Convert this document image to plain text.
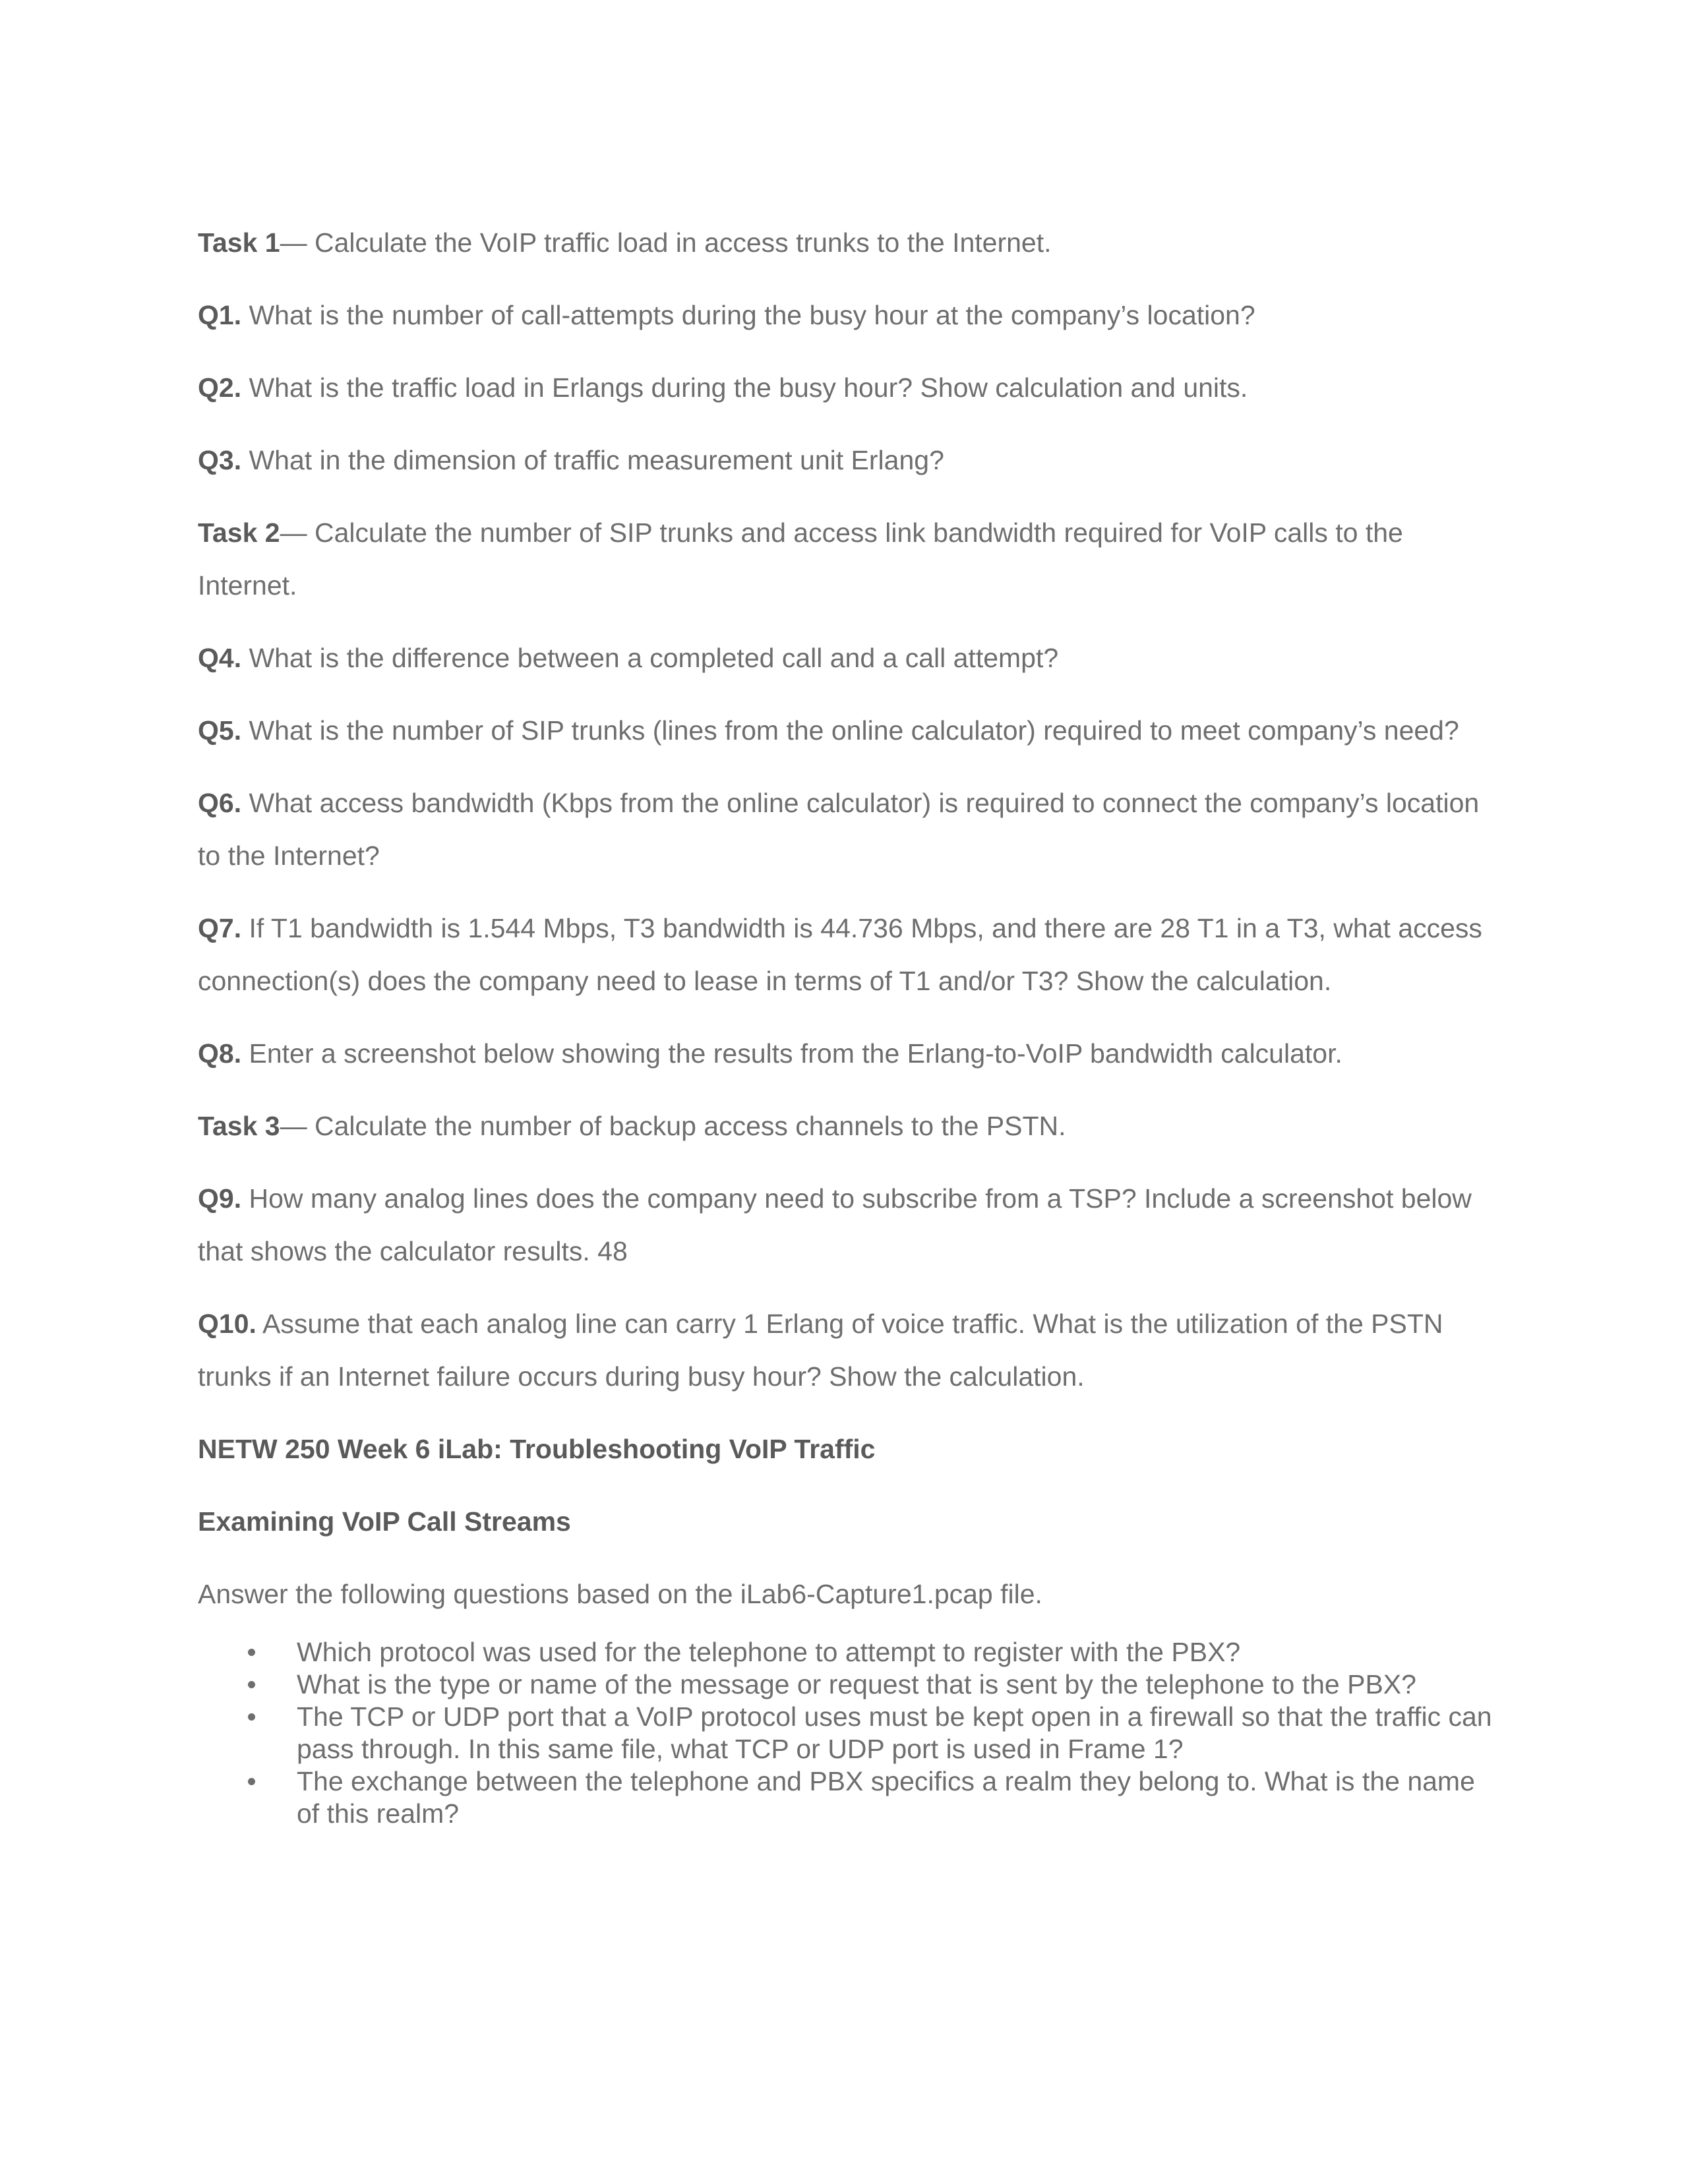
Task 1— Calculate the VoIP traffic load in access trunks to the Internet.

Q1. What is the number of call-attempts during the busy hour at the company’s location?

Q2. What is the traffic load in Erlangs during the busy hour? Show calculation and units.

Q3. What in the dimension of traffic measurement unit Erlang?

Task 2— Calculate the number of SIP trunks and access link bandwidth required for VoIP calls to the Internet.

Q4. What is the difference between a completed call and a call attempt?

Q5. What is the number of SIP trunks (lines from the online calculator) required to meet company’s need?

Q6. What access bandwidth (Kbps from the online calculator) is required to connect the company’s location to the Internet?

Q7. If T1 bandwidth is 1.544 Mbps, T3 bandwidth is 44.736 Mbps, and there are 28 T1 in a T3, what access connection(s) does the company need to lease in terms of T1 and/or T3? Show the calculation.

Q8. Enter a screenshot below showing the results from the Erlang-to-VoIP bandwidth calculator.

Task 3— Calculate the number of backup access channels to the PSTN.

Q9. How many analog lines does the company need to subscribe from a TSP? Include a screenshot below that shows the calculator results. 48

Q10. Assume that each analog line can carry 1 Erlang of voice traffic. What is the utilization of the PSTN trunks if an Internet failure occurs during busy hour? Show the calculation.

NETW 250 Week 6 iLab: Troubleshooting VoIP Traffic

Examining VoIP Call Streams

Answer the following questions based on the iLab6-Capture1.pcap file.

Which protocol was used for the telephone to attempt to register with the PBX?
What is the type or name of the message or request that is sent by the telephone to the PBX?
The TCP or UDP port that a VoIP protocol uses must be kept open in a firewall so that the traffic can pass through. In this same file, what TCP or UDP port is used in Frame 1?
The exchange between the telephone and PBX specifics a realm they belong to. What is the name of this realm?
